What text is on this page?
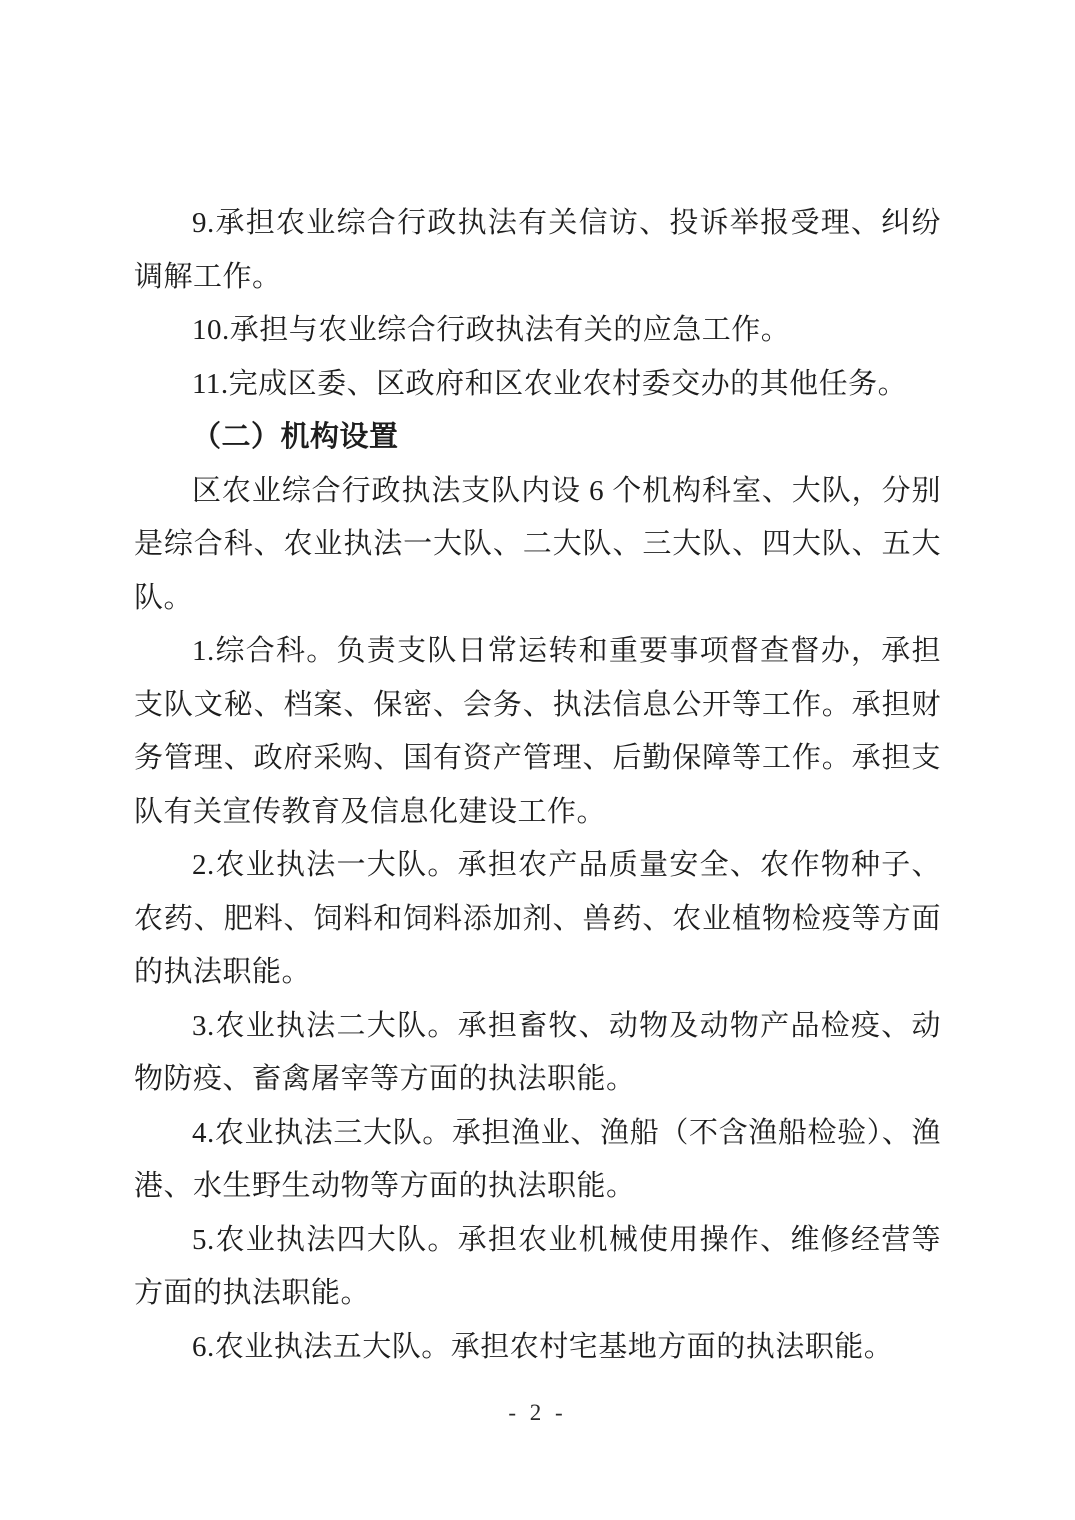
9.承担农业综合行政执法有关信访、投诉举报受理、纠纷调解工作。

10.承担与农业综合行政执法有关的应急工作。

11.完成区委、区政府和区农业农村委交办的其他任务。

（二）机构设置

区农业综合行政执法支队内设 6 个机构科室、大队，分别是综合科、农业执法一大队、二大队、三大队、四大队、五大队。

1.综合科。负责支队日常运转和重要事项督查督办，承担支队文秘、档案、保密、会务、执法信息公开等工作。承担财务管理、政府采购、国有资产管理、后勤保障等工作。承担支队有关宣传教育及信息化建设工作。

2.农业执法一大队。承担农产品质量安全、农作物种子、农药、肥料、饲料和饲料添加剂、兽药、农业植物检疫等方面的执法职能。

3.农业执法二大队。承担畜牧、动物及动物产品检疫、动物防疫、畜禽屠宰等方面的执法职能。

4.农业执法三大队。承担渔业、渔船（不含渔船检验）、渔港、水生野生动物等方面的执法职能。

5.农业执法四大队。承担农业机械使用操作、维修经营等方面的执法职能。

6.农业执法五大队。承担农村宅基地方面的执法职能。

- 2 -
